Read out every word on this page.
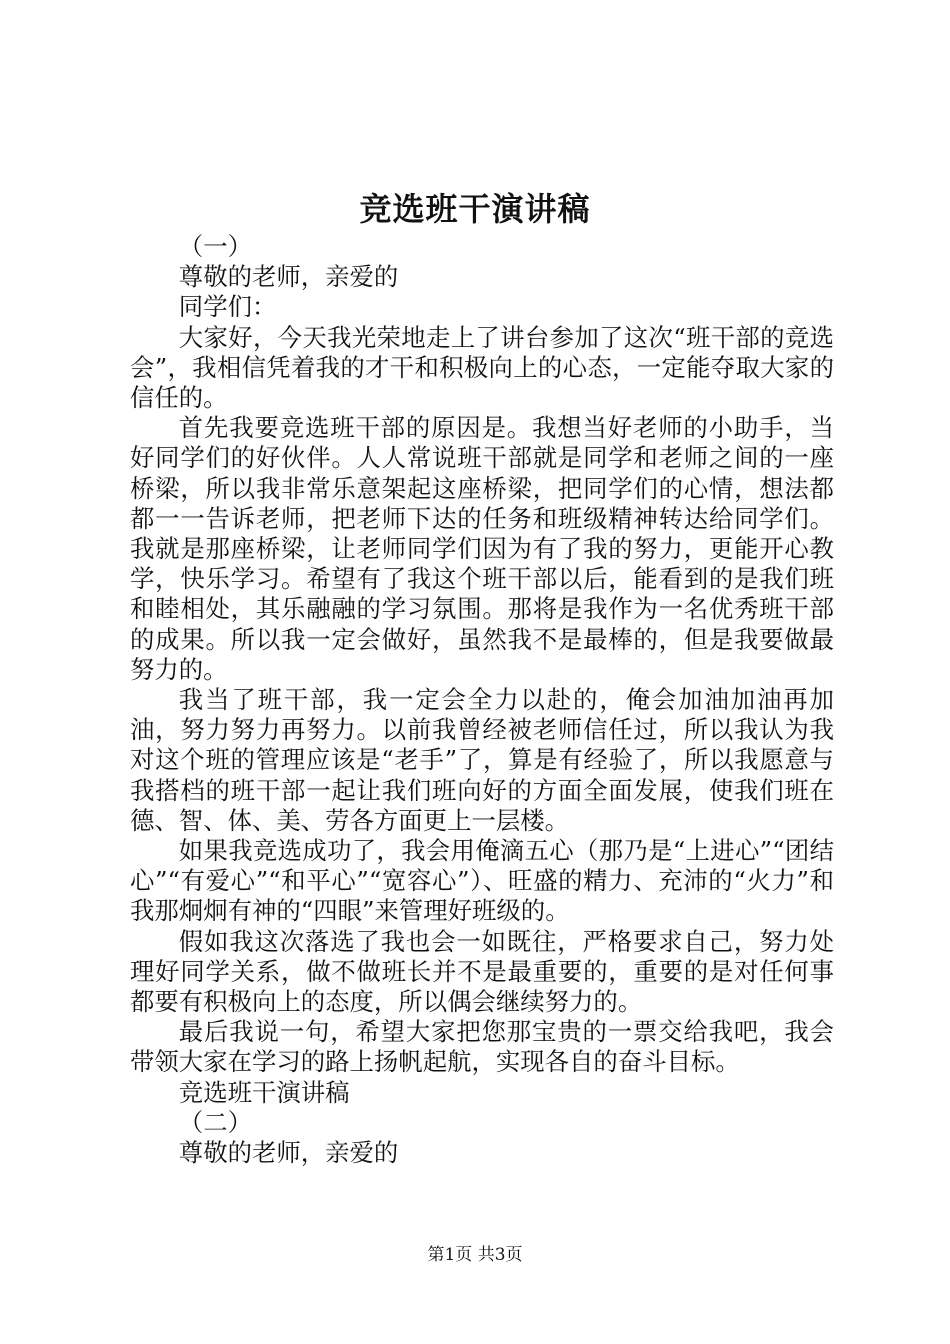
竞选班干演讲稿

（一）

尊敬的老师，亲爱的

同学们：

大家好，今天我光荣地走上了讲台参加了这次“班干部的竞选会”，我相信凭着我的才干和积极向上的心态，一定能夺取大家的信任的。

首先我要竞选班干部的原因是。我想当好老师的小助手，当好同学们的好伙伴。人人常说班干部就是同学和老师之间的一座桥梁，所以我非常乐意架起这座桥梁，把同学们的心情，想法都都一一告诉老师，把老师下达的任务和班级精神转达给同学们。我就是那座桥梁，让老师同学们因为有了我的努力，更能开心教学，快乐学习。希望有了我这个班干部以后，能看到的是我们班和睦相处，其乐融融的学习氛围。那将是我作为一名优秀班干部的成果。所以我一定会做好，虽然我不是最棒的，但是我要做最努力的。

我当了班干部，我一定会全力以赴的，俺会加油加油再加油，努力努力再努力。以前我曾经被老师信任过，所以我认为我对这个班的管理应该是“老手”了，算是有经验了，所以我愿意与我搭档的班干部一起让我们班向好的方面全面发展，使我们班在德、智、体、美、劳各方面更上一层楼。

如果我竞选成功了，我会用俺滴五心（那乃是“上进心”“团结心”“有爱心”“和平心”“宽容心”）、旺盛的精力、充沛的“火力”和我那炯炯有神的“四眼”来管理好班级的。

假如我这次落选了我也会一如既往，严格要求自己，努力处理好同学关系，做不做班长并不是最重要的，重要的是对任何事都要有积极向上的态度，所以偶会继续努力的。

最后我说一句，希望大家把您那宝贵的一票交给我吧，我会带领大家在学习的路上扬帆起航，实现各自的奋斗目标。

竞选班干演讲稿

（二）

尊敬的老师，亲爱的

第1页 共3页
